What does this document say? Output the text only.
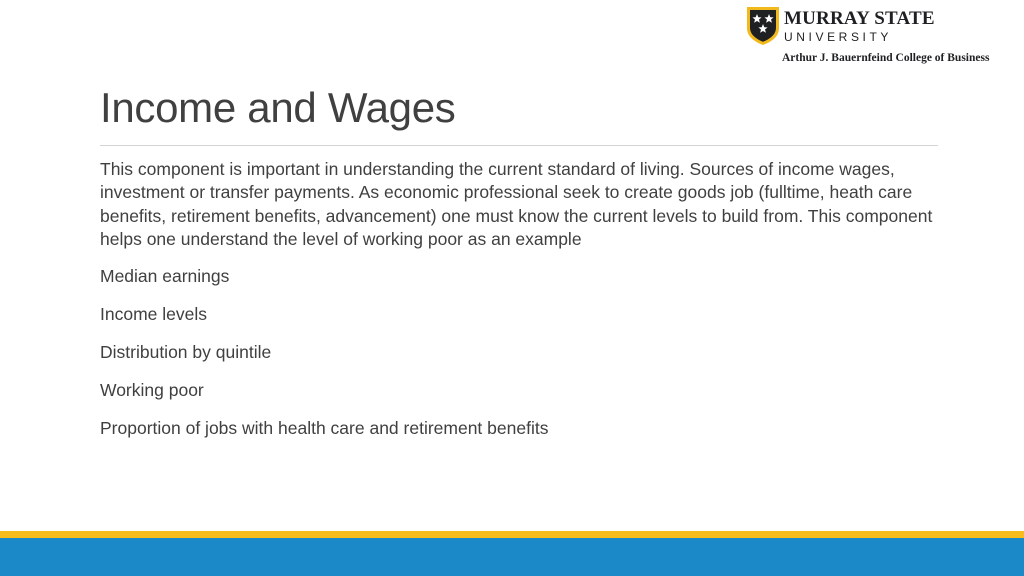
MURRAY STATE
UNIVERSITY
Arthur J. Bauernfeind College of Business
Income and Wages

This component is important in understanding the current standard of living. Sources of income wages, investment or transfer payments. As economic professional seek to create goods job (fulltime, heath care benefits, retirement benefits, advancement) one must know the current levels to build from. This component helps one understand the level of working poor as an example

Median earnings

Income levels

Distribution by quintile

Working poor

Proportion of jobs with health care and retirement benefits
